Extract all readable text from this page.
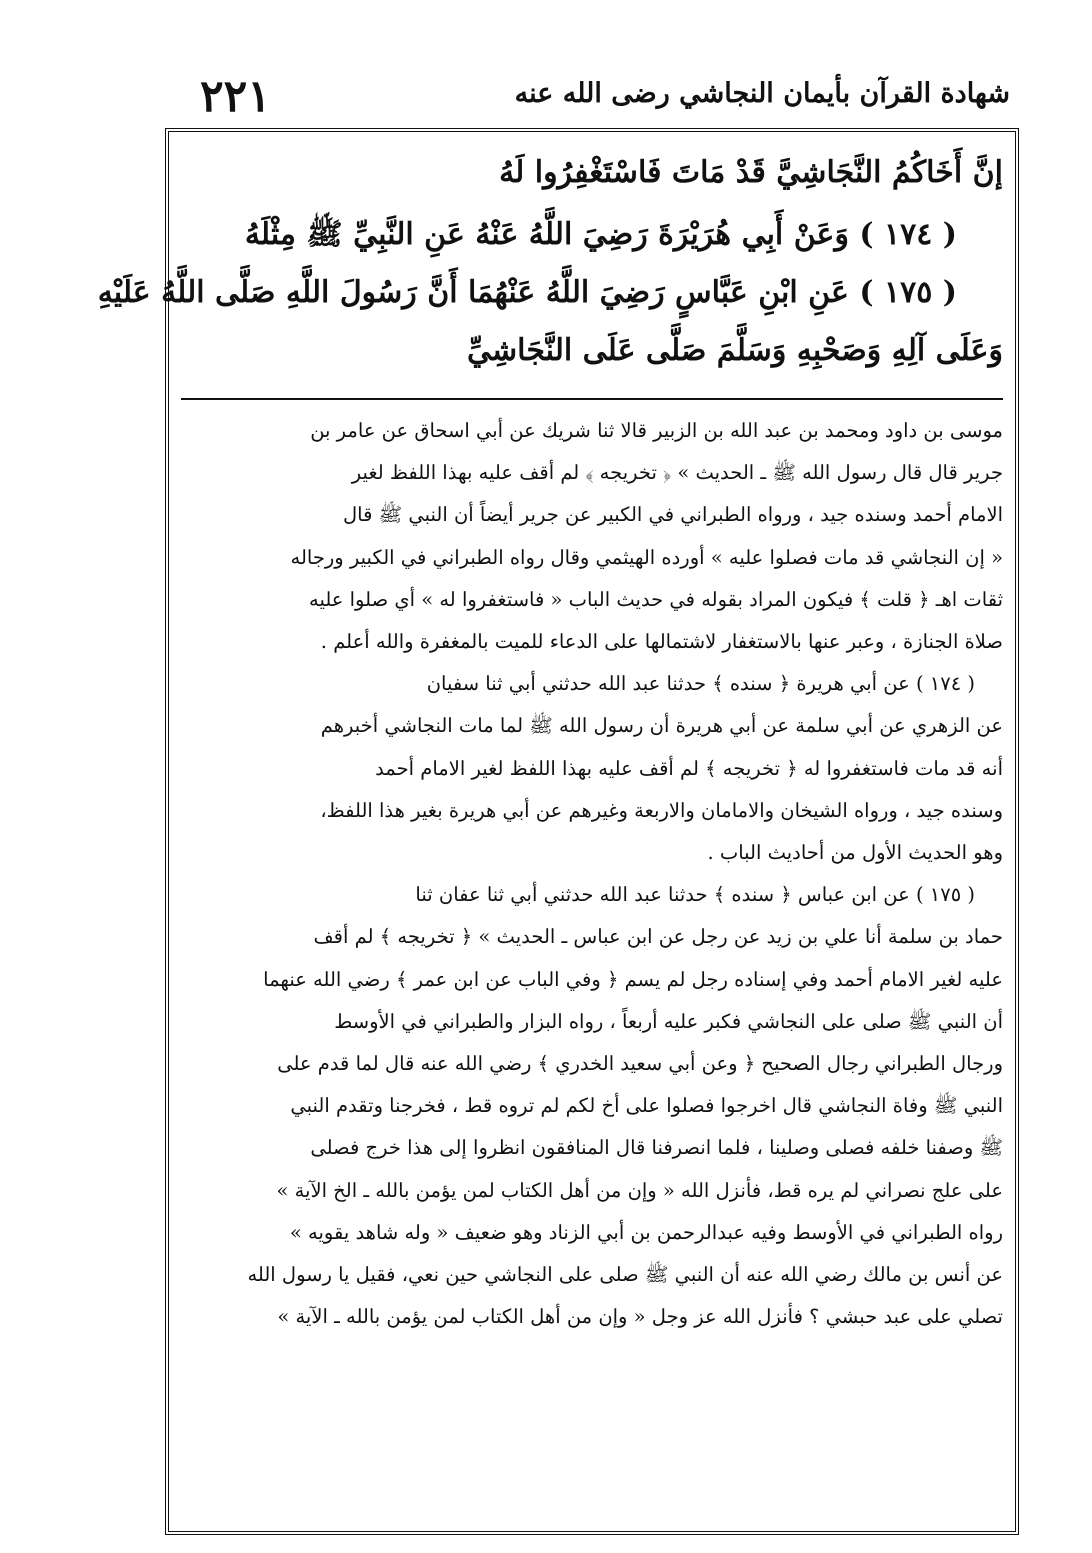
٢٢١	شهادة القرآن بأيمان النجاشي رضى الله عنه
إنَّ أَخَاكُمُ النَّجَاشِيَّ قَدْ مَاتَ فَاسْتَغْفِرُوا لَهُ
( ١٧٤ ) وَعَنْ أَبِي هُرَيْرَةَ رَضِيَ اللَّهُ عَنْهُ عَنِ النَّبِيِّ ﷺ مِثْلَهُ
( ١٧٥ ) عَنِ ابْنِ عَبَّاسٍ رَضِيَ اللَّهُ عَنْهُمَا أَنَّ رَسُولَ اللَّهِ صَلَّى اللَّهُ عَلَيْهِ
وَعَلَى آلِهِ وَصَحْبِهِ وَسَلَّمَ صَلَّى عَلَى النَّجَاشِيِّ
موسى بن داود ومحمد بن عبد الله بن الزبير قالا ثنا شريك عن أبي اسحاق عن عامر بن
جرير قال قال رسول الله ﷺ ـ الحديث » ﴿ تخريجه ﴾ لم أقف عليه بهذا اللفظ لغير
الامام أحمد وسنده جيد ، ورواه الطبراني في الكبير عن جرير أيضاً أن النبي ﷺ قال
« إن النجاشي قد مات فصلوا عليه » أورده الهيثمي وقال رواه الطبراني في الكبير ورجاله
ثقات اهـ ﴿ قلت ﴾ فيكون المراد بقوله في حديث الباب « فاستغفروا له » أي صلوا عليه
صلاة الجنازة ، وعبر عنها بالاستغفار لاشتمالها على الدعاء للميت بالمغفرة والله أعلم .
( ١٧٤ ) عن أبي هريرة ﴿ سنده ﴾ حدثنا عبد الله حدثني أبي ثنا سفيان
عن الزهري عن أبي سلمة عن أبي هريرة أن رسول الله ﷺ لما مات النجاشي أخبرهم
أنه قد مات فاستغفروا له ﴿ تخريجه ﴾ لم أقف عليه بهذا اللفظ لغير الامام أحمد
وسنده جيد ، ورواه الشيخان والامامان والاربعة وغيرهم عن أبي هريرة بغير هذا اللفظ،
وهو الحديث الأول من أحاديث الباب .
( ١٧٥ ) عن ابن عباس ﴿ سنده ﴾ حدثنا عبد الله حدثني أبي ثنا عفان ثنا
حماد بن سلمة أنا علي بن زيد عن رجل عن ابن عباس ـ الحديث » ﴿ تخريجه ﴾ لم أقف
عليه لغير الامام أحمد وفي إسناده رجل لم يسم ﴿ وفي الباب عن ابن عمر ﴾ رضي الله عنهما
أن النبي ﷺ صلى على النجاشي فكبر عليه أربعاً ، رواه البزار والطبراني في الأوسط
ورجال الطبراني رجال الصحيح ﴿ وعن أبي سعيد الخدري ﴾ رضي الله عنه قال لما قدم على
النبي ﷺ وفاة النجاشي قال اخرجوا فصلوا على أخ لكم لم تروه قط ، فخرجنا وتقدم النبي
ﷺ وصفنا خلفه فصلى وصلينا ، فلما انصرفنا قال المنافقون انظروا إلى هذا خرج فصلى
على علج نصراني لم يره قط، فأنزل الله « وإن من أهل الكتاب لمن يؤمن بالله ـ الخ الآية »
رواه الطبراني في الأوسط وفيه عبدالرحمن بن أبي الزناد وهو ضعيف « وله شاهد يقويه »
عن أنس بن مالك رضي الله عنه أن النبي ﷺ صلى على النجاشي حين نعي، فقيل يا رسول الله
تصلي على عبد حبشي ؟ فأنزل الله عز وجل « وإن من أهل الكتاب لمن يؤمن بالله ـ الآية »
